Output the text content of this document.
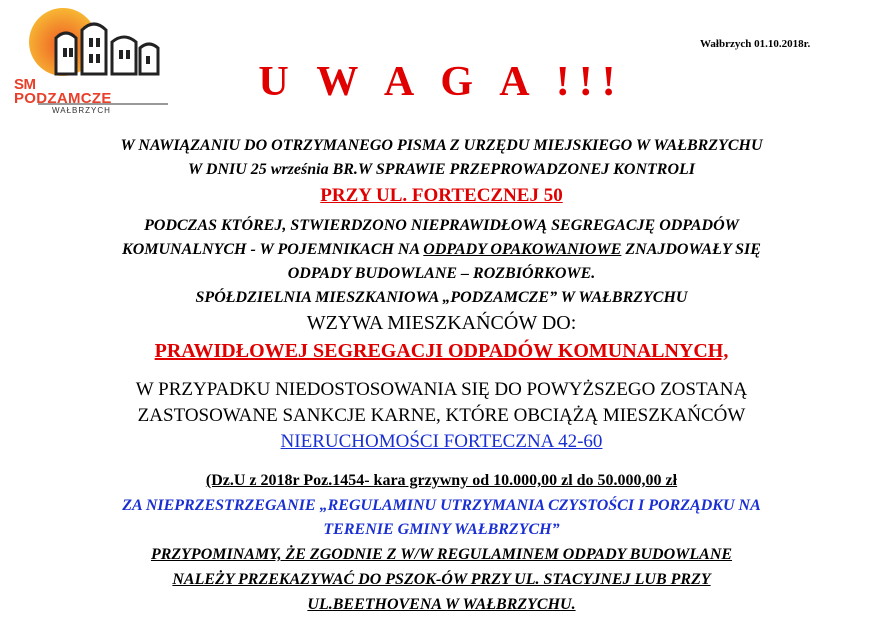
SM
PODZAMCZE
WAŁBRZYCH
Wałbrzych 01.10.2018r.
U W A G A !!!
W NAWIĄZANIU DO OTRZYMANEGO PISMA Z URZĘDU MIEJSKIEGO W WAŁBRZYCHU
W DNIU 25 września BR.W SPRAWIE PRZEPROWADZONEJ KONTROLI
PRZY UL. FORTECZNEJ 50
PODCZAS KTÓREJ, STWIERDZONO NIEPRAWIDŁOWĄ SEGREGACJĘ ODPADÓW
KOMUNALNYCH - W POJEMNIKACH NA ODPADY OPAKOWANIOWE ZNAJDOWAŁY SIĘ
ODPADY BUDOWLANE – ROZBIÓRKOWE.
SPÓŁDZIELNIA MIESZKANIOWA „PODZAMCZE” W WAŁBRZYCHU
WZYWA MIESZKAŃCÓW DO:
PRAWIDŁOWEJ SEGREGACJI ODPADÓW KOMUNALNYCH,
W PRZYPADKU NIEDOSTOSOWANIA SIĘ DO POWYŻSZEGO ZOSTANĄ
ZASTOSOWANE SANKCJE KARNE, KTÓRE OBCIĄŻĄ MIESZKAŃCÓW
NIERUCHOMOŚCI FORTECZNA 42-60
(Dz.U z 2018r Poz.1454- kara grzywny od 10.000,00 zl do 50.000,00 zł
ZA NIEPRZESTRZEGANIE „REGULAMINU UTRZYMANIA CZYSTOŚCI I PORZĄDKU NA
TERENIE GMINY WAŁBRZYCH”
PRZYPOMINAMY, ŻE ZGODNIE Z W/W REGULAMINEM ODPADY BUDOWLANE
NALEŻY PRZEKAZYWAĆ DO PSZOK-ÓW PRZY UL. STACYJNEJ LUB PRZY
UL.BEETHOVENA W WAŁBRZYCHU.
